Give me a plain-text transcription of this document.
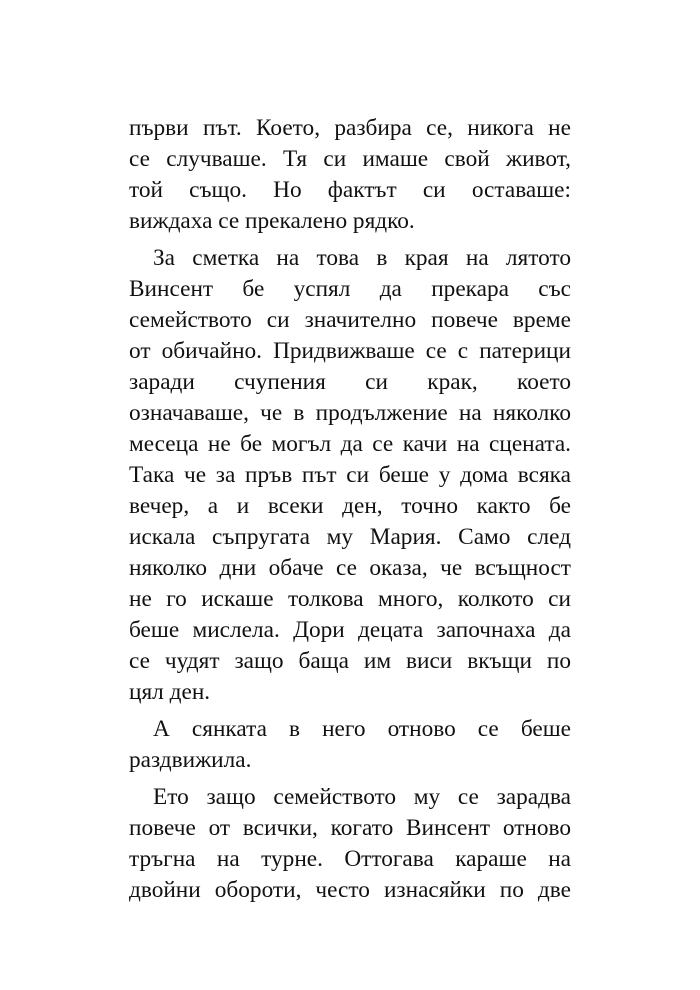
първи път. Което, разбира се, никога не
се случваше. Тя си имаше свой живот,
той също. Но фактът си оставаше:
виждаха се прекалено рядко.
За сметка на това в края на лятото
Винсент бе успял да прекара със
семейството си значително повече време
от обичайно. Придвижваше се с патерици
заради счупения си крак, което
означаваше, че в продължение на няколко
месеца не бе могъл да се качи на сцената.
Така че за пръв път си беше у дома всяка
вечер, а и всеки ден, точно както бе
искала съпругата му Мария. Само след
няколко дни обаче се оказа, че всъщност
не го искаше толкова много, колкото си
беше мислела. Дори децата започнаха да
се чудят защо баща им виси вкъщи по
цял ден.
А сянката в него отново се беше
раздвижила.
Ето защо семейството му се зарадва
повече от всички, когато Винсент отново
тръгна на турне. Оттогава караше на
двойни обороти, често изнасяйки по две
